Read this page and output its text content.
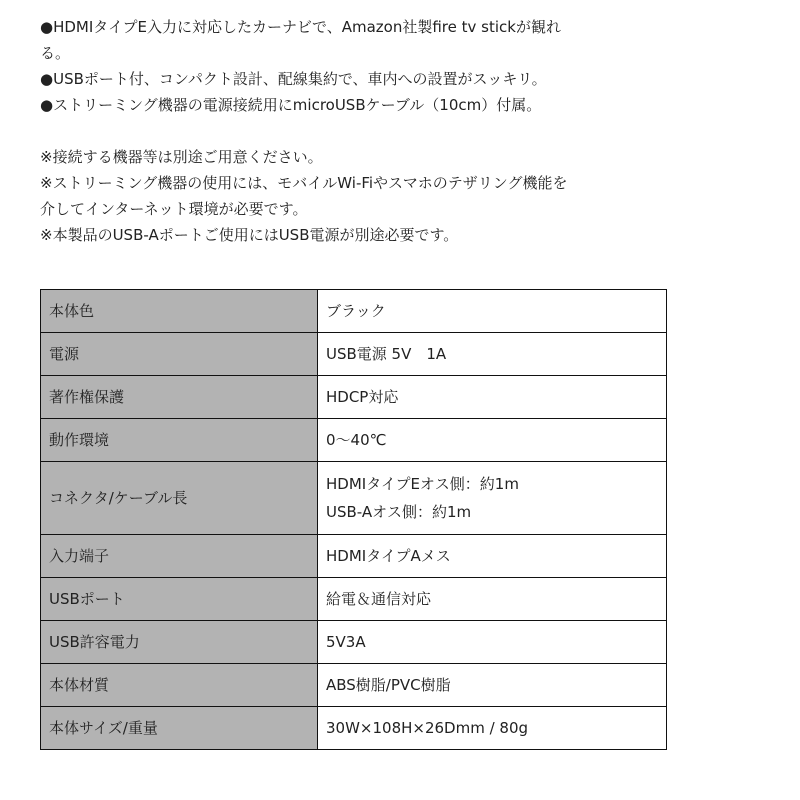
●HDMIタイプE入力に対応したカーナビで、Amazon社製fire tv stickが観れ

る。

●USBポート付、コンパクト設計、配線集約で、車内への設置がスッキリ。

●ストリーミング機器の電源接続用にmicroUSBケーブル（10cm）付属。

※接続する機器等は別途ご用意ください。

※ストリーミング機器の使用には、モバイルWi-Fiやスマホのテザリング機能を

介してインターネット環境が必要です。

※本製品のUSB-Aポートご使用にはUSB電源が別途必要です。

本体色	ブラック
電源	USB電源 5V　1A
著作権保護	HDCP対応
動作環境	0〜40℃
コネクタ/ケーブル長	HDMIタイプEオス側：約1m
USB-Aオス側：約1m

入力端子	HDMIタイプAメス
USBポート	給電＆通信対応
USB許容電力	5V3A
本体材質	ABS樹脂/PVC樹脂
本体サイズ/重量	30W×108H×26Dmm / 80g
